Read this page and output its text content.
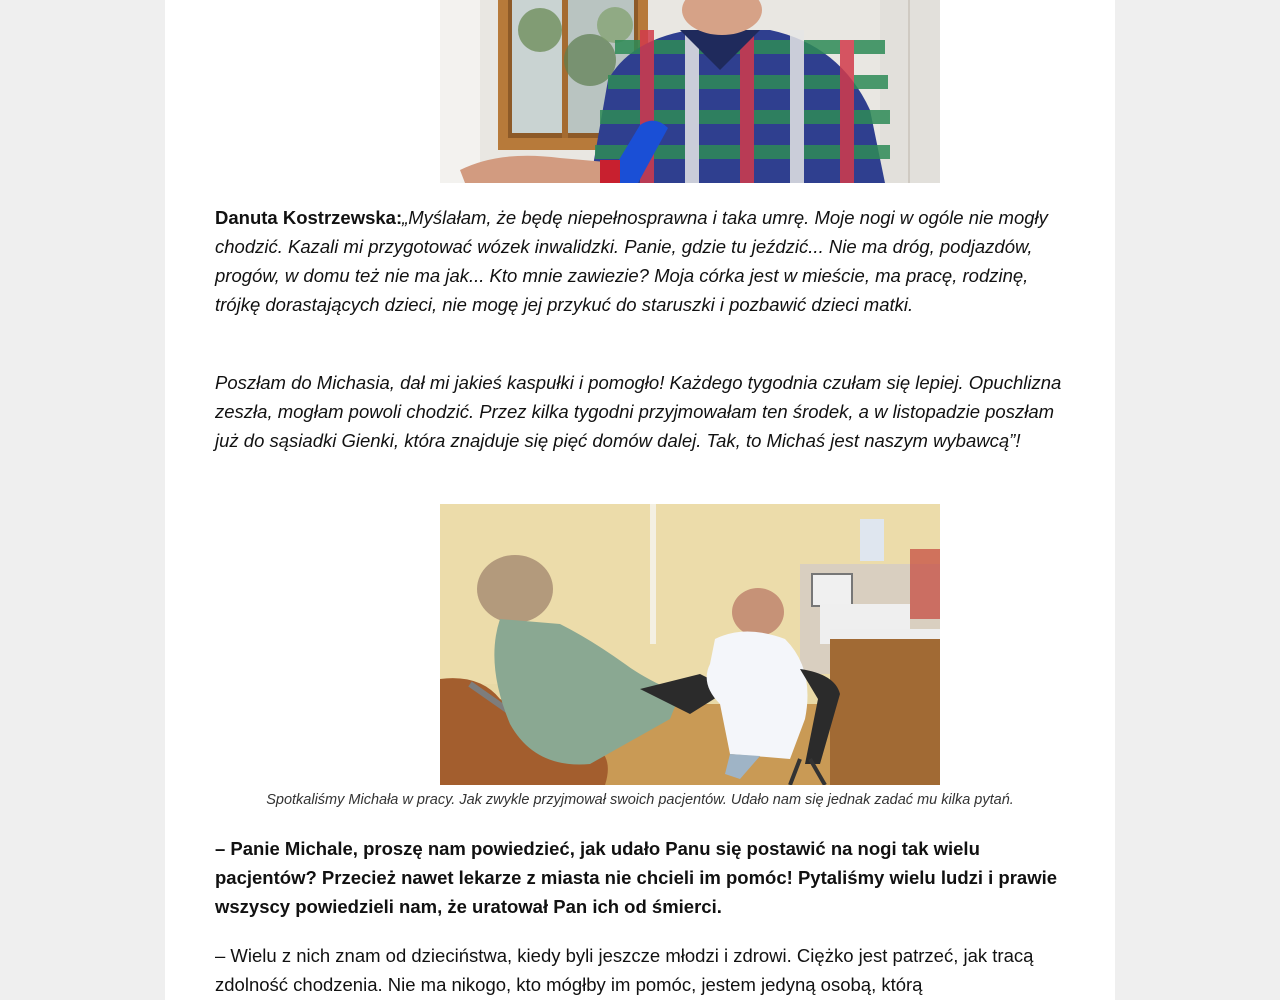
Danuta Kostrzewska:„Myślałam, że będę niepełnosprawna i taka umrę. Moje nogi w ogóle nie mogły chodzić. Kazali mi przygotować wózek inwalidzki. Panie, gdzie tu jeździć... Nie ma dróg, podjazdów, progów, w domu też nie ma jak... Kto mnie zawiezie? Moja córka jest w mieście, ma pracę, rodzinę, trójkę dorastających dzieci, nie mogę jej przykuć do staruszki i pozbawić dzieci matki.

Poszłam do Michasia, dał mi jakieś kaspułki i pomogło! Każdego tygodnia czułam się lepiej. Opuchlizna zeszła, mogłam powoli chodzić. Przez kilka tygodni przyjmowałam ten środek, a w listopadzie poszłam już do sąsiadki Gienki, która znajduje się pięć domów dalej. Tak, to Michaś jest naszym wybawcą”!

Spotkaliśmy Michała w pracy. Jak zwykle przyjmował swoich pacjentów. Udało nam się jednak zadać mu kilka pytań.

– Panie Michale, proszę nam powiedzieć, jak udało Panu się postawić na nogi tak wielu pacjentów? Przecież nawet lekarze z miasta nie chcieli im pomóc! Pytaliśmy wielu ludzi i prawie wszyscy powiedzieli nam, że uratował Pan ich od śmierci.

– Wielu z nich znam od dzieciństwa, kiedy byli jeszcze młodzi i zdrowi. Ciężko jest patrzeć, jak tracą zdolność chodzenia. Nie ma nikogo, kto mógłby im pomóc, jestem jedyną osobą, którą
